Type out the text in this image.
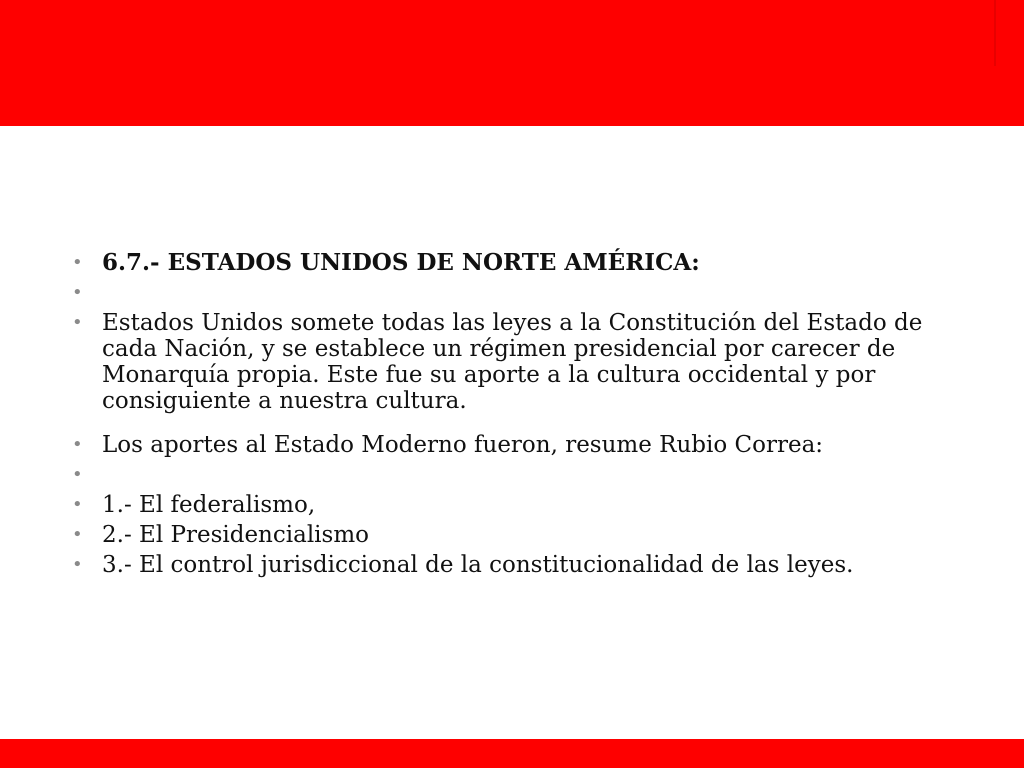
• 6.7.- ESTADOS UNIDOS DE NORTE AMÉRICA:
•
• Estados Unidos somete todas las leyes a la Constitución del Estado de cada Nación, y se establece un régimen presidencial por carecer de Monarquía propia. Este fue su aporte a la cultura occidental y por consiguiente a nuestra cultura.
• Los aportes al Estado Moderno fueron, resume Rubio Correa:
•
• 1.- El federalismo,
• 2.- El Presidencialismo
• 3.- El control jurisdiccional de la constitucionalidad de las leyes.
